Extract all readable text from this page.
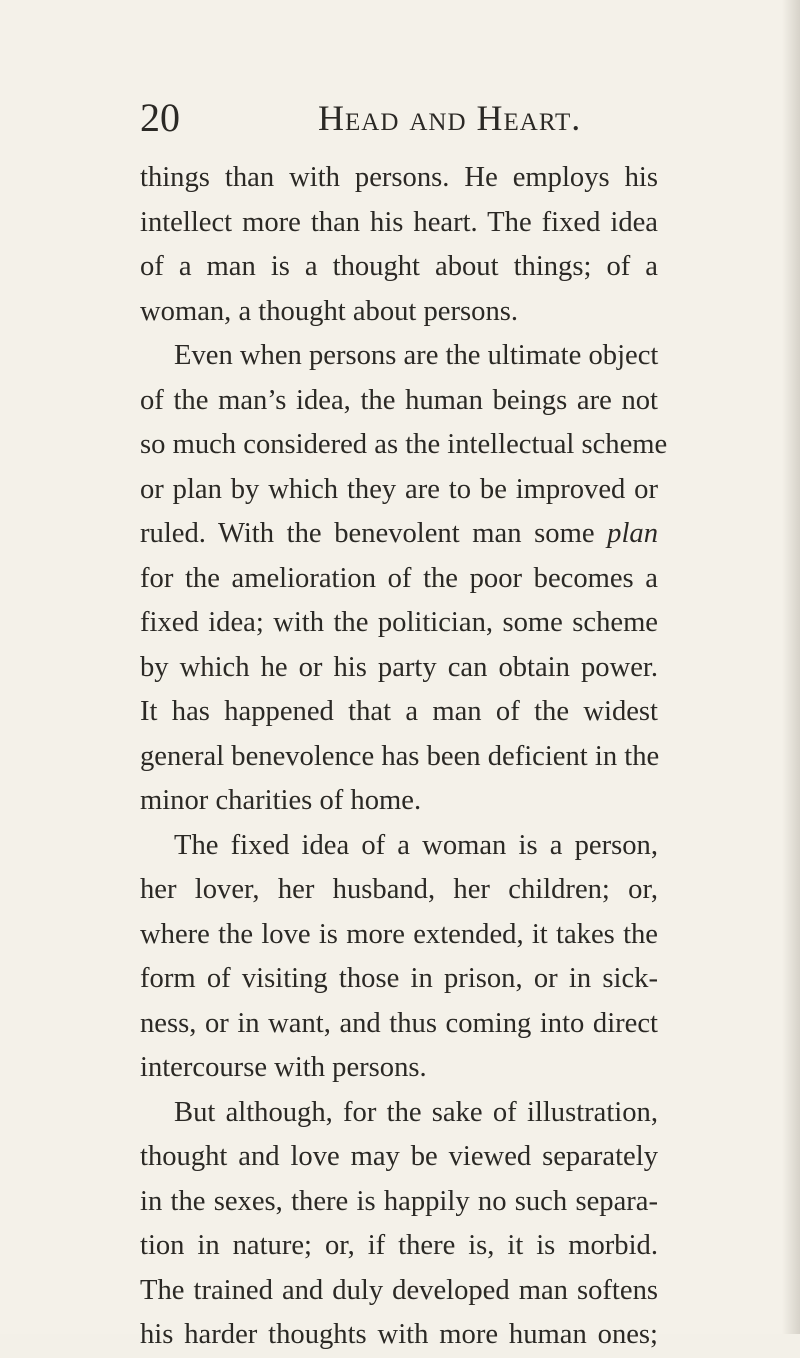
20	Head and Heart.
things than with persons. He employs his
intellect more than his heart. The fixed idea
of a man is a thought about things; of a
woman, a thought about persons.
Even when persons are the ultimate object
of the man’s idea, the human beings are not
so much considered as the intellectual scheme
or plan by which they are to be improved or
ruled. With the benevolent man some plan
for the amelioration of the poor becomes a
fixed idea; with the politician, some scheme
by which he or his party can obtain power.
It has happened that a man of the widest
general benevolence has been deficient in the
minor charities of home.
The fixed idea of a woman is a person,
her lover, her husband, her children; or,
where the love is more extended, it takes the
form of visiting those in prison, or in sick-
ness, or in want, and thus coming into direct
intercourse with persons.
But although, for the sake of illustration,
thought and love may be viewed separately
in the sexes, there is happily no such separa-
tion in nature; or, if there is, it is morbid.
The trained and duly developed man softens
his harder thoughts with more human ones;
